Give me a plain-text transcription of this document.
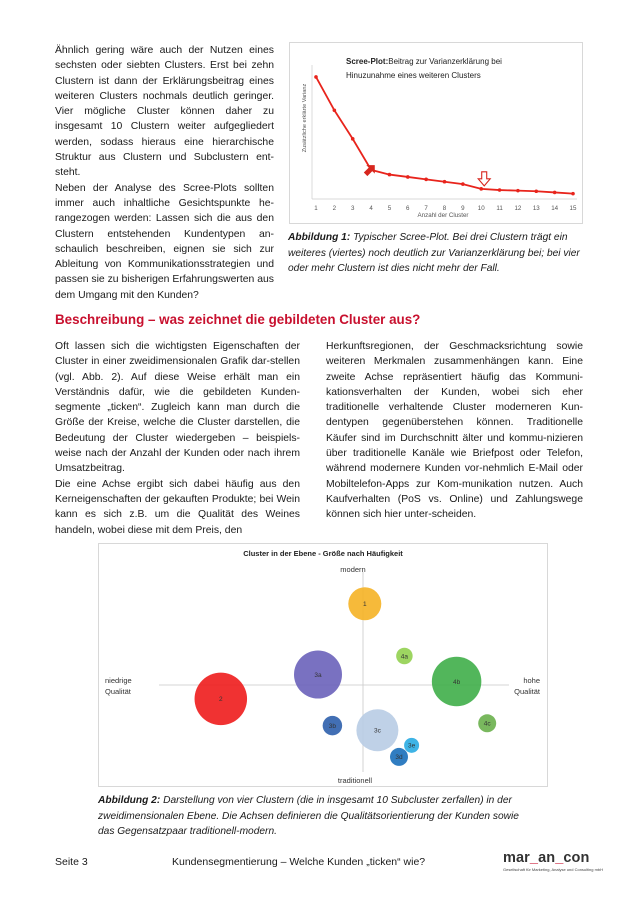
Ähnlich gering wäre auch der Nutzen eines sechsten oder siebten Clusters. Erst bei zehn Clustern ist dann der Erklärungsbeitrag eines weiteren Clusters nochmals deutlich geringer. Vier mögliche Cluster können daher zu insgesamt 10 Clustern weiter aufgegliedert werden, sodass hieraus eine hierarchische Struktur aus Clustern und Subclustern ent-steht.

Neben der Analyse des Scree-Plots sollten immer auch inhaltliche Gesichtspunkte he-rangezogen werden: Lassen sich die aus den Clustern entstehenden Kundentypen an-schaulich beschreiben, eignen sie sich zur Ableitung von Kommunikationsstrategien und passen sie zu bisherigen Erfahrungswerten aus dem Umgang mit den Kunden?

Zusätzliche erklärte Varianz
Scree-Plot:Beitrag zur Varianzerklärung bei
Hinuzunahme eines weiteren Clusters
1 2 3 4 5 6 7 8 9 10 11 12 13 14 15
Anzahl der Cluster
Abbildung 1: Typischer Scree-Plot. Bei drei Clustern trägt ein weiteres (viertes) noch deutlich zur Varianzerklärung bei; bei vier oder mehr Clustern ist dies nicht mehr der Fall.
Beschreibung – was zeichnet die gebildeten Cluster aus?

Oft lassen sich die wichtigsten Eigenschaften der Cluster in einer zweidimensionalen Grafik dar-stellen (vgl. Abb. 2). Auf diese Weise erhält man ein Verständnis dafür, wie die gebildeten Kunden-segmente „ticken“. Zugleich kann man durch die Größe der Kreise, welche die Cluster darstellen, die Bedeutung der Cluster wiedergeben – beispiels-weise nach der Anzahl der Kunden oder nach ihrem Umsatzbeitrag.

Die eine Achse ergibt sich dabei häufig aus den Kerneigenschaften der gekauften Produkte; bei Wein kann es sich z.B. um die Qualität des Weines handeln, wobei diese mit dem Preis, den

Herkunftsregionen, der Geschmacksrichtung sowie weiteren Merkmalen zusammenhängen kann. Eine zweite Achse repräsentiert häufig das Kommuni-kationsverhalten der Kunden, wobei sich eher traditionelle verhaltende Cluster moderneren Kun-dentypen gegenüberstehen können. Traditionelle Käufer sind im Durchschnitt älter und kommu-nizieren über traditionelle Kanäle wie Briefpost oder Telefon, während modernere Kunden vor-nehmlich E-Mail oder Mobiltelefon-Apps zur Kom-munikation nutzen. Auch Kaufverhalten (PoS vs. Online) und Zahlungswege können sich hier unter-scheiden.

Cluster in der Ebene - Größe nach Häufigkeit
1
2
3a
3b
3c
3d
3e
4a
4b
4c
modern
traditionell
niedrige Qualität
hohe Qualität
Abbildung 2: Darstellung von vier Clustern (die in insgesamt 10 Subcluster zerfallen) in der zweidimensionalen Ebene. Die Achsen definieren die Qualitätsorientierung der Kunden sowie das Gegensatzpaar traditionell-modern.
Seite 3	Kundensegmentierung – Welche Kunden „ticken“ wie?	mar_an_con
Gesellschaft für Marketing, Analyse und Consulting mbH
